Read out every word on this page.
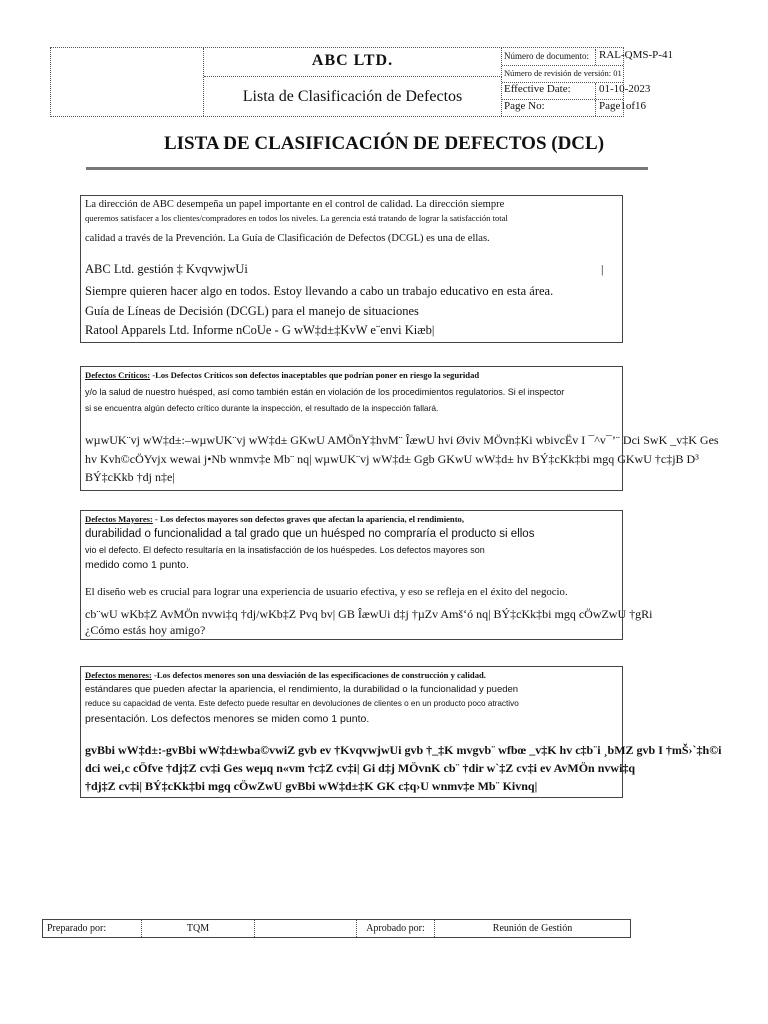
ABC LTD.
Lista de Clasificación de Defectos
Número de documento: RAL-QMS-P-41
Número de revisión de versión: 01
Effective Date:	01-10-2023
Page No:	Page1of16
LISTA DE CLASIFICACIÓN DE DEFECTOS (DCL)
La dirección de ABC desempeña un papel importante en el control de calidad. La dirección siempre
queremos satisfacer a los clientes/compradores en todos los niveles. La gerencia está tratando de lograr la satisfacción total
calidad a través de la Prevención. La Guía de Clasificación de Defectos (DCGL) es una de ellas.
ABC Ltd. gestión ‡ KvqvwjwUi	|
Siempre quieren hacer algo en todos. Estoy llevando a cabo un trabajo educativo en esta área.
Guía de Líneas de Decisión (DCGL) para el manejo de situaciones
Ratool Apparels Ltd. Informe nCoUe - G wW‡d±‡KvW e¨envi Kiæb|
Defectos Críticos: -Los Defectos Críticos son defectos inaceptables que podrían poner en riesgo la seguridad
y/o la salud de nuestro huésped, así como también están en violación de los procedimientos regulatorios. Si el inspector
si se encuentra algún defecto crítico durante la inspección, el resultado de la inspección fallará.
wµwUK¨vj wW‡d±:–wµwUK¨vj wW‡d± GKwU AMÖnY‡hvM¨ ÎæwU hvi Øviv MÖvn‡Ki wbivcËv I ¯^v¯’¨ Dci SwK _v‡K Ges
hv Kvh©cÖYvjx wewai j•Nb wnmv‡e Mb¨ nq| wµwUK¨vj wW‡d± Ggb GKwU wW‡d± hv BÝ‡cKk‡bi mgq GKwU †c‡jB D³
BÝ‡cKkb †dj n‡e|
Defectos Mayores: - Los defectos mayores son defectos graves que afectan la apariencia, el rendimiento,
durabilidad o funcionalidad a tal grado que un huésped no compraría el producto si ellos
vio el defecto. El defecto resultaría en la insatisfacción de los huéspedes. Los defectos mayores son
medido como 1 punto.
El diseño web es crucial para lograr una experiencia de usuario efectiva, y eso se refleja en el éxito del negocio.
cb¨wU wKb‡Z AvMÖn nvwi‡q †dj/wKb‡Z Pvq bv| GB ÎæwUi d‡j †µZv Amš‘ó nq| BÝ‡cKk‡bi mgq cÖwZwU †gRi
¿Cómo estás hoy amigo?
Defectos menores: -Los defectos menores son una desviación de las especificaciones de construcción y calidad.
estándares que pueden afectar la apariencia, el rendimiento, la durabilidad o la funcionalidad y pueden
reduce su capacidad de venta. Este defecto puede resultar en devoluciones de clientes o en un producto poco atractivo
presentación. Los defectos menores se miden como 1 punto.
gvBbi wW‡d±:-gvBbi wW‡d±wba©vwiZ gvb ev †KvqvwjwUi gvb †_‡K mvgvb¨ wfbœ _v‡K hv c‡b¨i ¸bMZ gvb I †mŠ›`‡h©i
dci wei‚c cÖfve †dj‡Z cv‡i Ges weµq n«vm †c‡Z cv‡i| Gi d‡j MÖvnK cb¨ †dir w`‡Z cv‡i ev AvMÖn nvwi‡q
†dj‡Z cv‡i| BÝ‡cKk‡bi mgq cÖwZwU gvBbi wW‡d±‡K GK c‡q›U wnmv‡e Mb¨ Kivnq|
Preparado por:	TQM	Aprobado por:	Reunión de Gestión
